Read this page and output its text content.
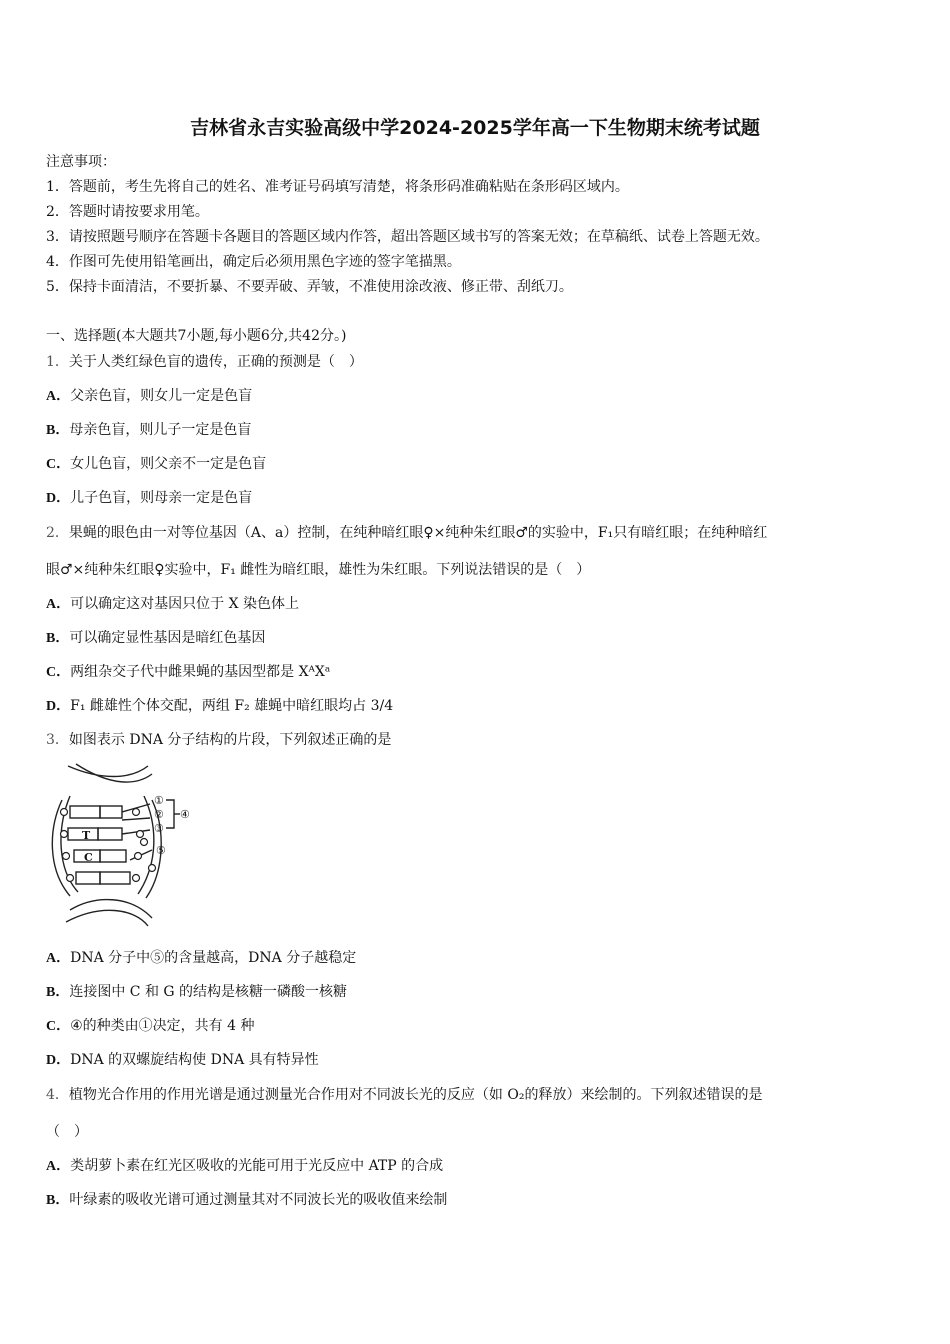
吉林省永吉实验高级中学2024-2025学年高一下生物期末统考试题
注意事项：
1．答题前，考生先将自己的姓名、准考证号码填写清楚，将条形码准确粘贴在条形码区域内。
2．答题时请按要求用笔。
3．请按照题号顺序在答题卡各题目的答题区域内作答，超出答题区域书写的答案无效；在草稿纸、试卷上答题无效。
4．作图可先使用铅笔画出，确定后必须用黑色字迹的签字笔描黑。
5．保持卡面清洁，不要折暴、不要弄破、弄皱，不准使用涂改液、修正带、刮纸刀。
一、选择题(本大题共7小题,每小题6分,共42分。)
1．关于人类红绿色盲的遗传，正确的预测是（　）
A．父亲色盲，则女儿一定是色盲
B．母亲色盲，则儿子一定是色盲
C．女儿色盲，则父亲不一定是色盲
D．儿子色盲，则母亲一定是色盲
2．果蝇的眼色由一对等位基因（A、a）控制，在纯种暗红眼♀×纯种朱红眼♂的实验中，F₁只有暗红眼；在纯种暗红
眼♂×纯种朱红眼♀实验中，F₁ 雌性为暗红眼，雄性为朱红眼。下列说法错误的是（　）
A．可以确定这对基因只位于 X 染色体上
B．可以确定显性基因是暗红色基因
C．两组杂交子代中雌果蝇的基因型都是 XᴬXᵃ
D．F₁ 雌雄性个体交配，两组 F₂ 雄蝇中暗红眼均占 3/4
3．如图表示 DNA 分子结构的片段，下列叙述正确的是
①
②
③
④
⑤
T
C
A．DNA 分子中⑤的含量越高，DNA 分子越稳定
B．连接图中 C 和 G 的结构是核糖一磷酸一核糖
C．④的种类由①决定，共有 4 种
D．DNA 的双螺旋结构使 DNA 具有特异性
4．植物光合作用的作用光谱是通过测量光合作用对不同波长光的反应（如 O₂的释放）来绘制的。下列叙述错误的是
（　）
A．类胡萝卜素在红光区吸收的光能可用于光反应中 ATP 的合成
B．叶绿素的吸收光谱可通过测量其对不同波长光的吸收值来绘制
